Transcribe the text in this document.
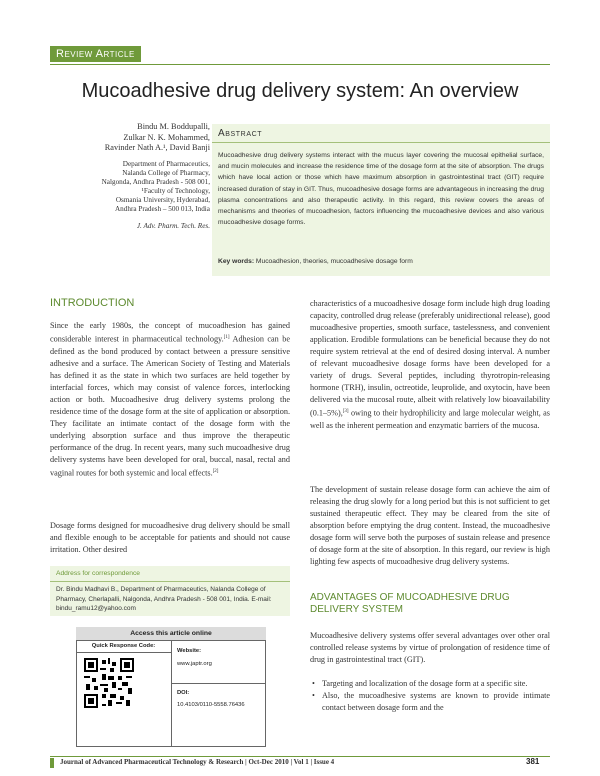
Review Article
Mucoadhesive drug delivery system: An overview
Bindu M. Boddupalli,
Zulkar N. K. Mohammed,
Ravinder Nath A.¹, David Banji
Department of Pharmaceutics,
Nalanda College of Pharmacy,
Nalgonda, Andhra Pradesh - 508 001,
¹Faculty of Technology,
Osmania University, Hyderabad,
Andhra Pradesh – 500 013, India
J. Adv. Pharm. Tech. Res.
Abstract
Mucoadhesive drug delivery systems interact with the mucus layer covering the mucosal epithelial surface, and mucin molecules and increase the residence time of the dosage form at the site of absorption. The drugs which have local action or those which have maximum absorption in gastrointestinal tract (GIT) require increased duration of stay in GIT. Thus, mucoadhesive dosage forms are advantageous in increasing the drug plasma concentrations and also therapeutic activity. In this regard, this review covers the areas of mechanisms and theories of mucoadhesion, factors influencing the mucoadhesive devices and also various mucoadhesive dosage forms.
Key words: Mucoadhesion, theories, mucoadhesive dosage form
INTRODUCTION
Since the early 1980s, the concept of mucoadhesion has gained considerable interest in pharmaceutical technology.[1] Adhesion can be defined as the bond produced by contact between a pressure sensitive adhesive and a surface. The American Society of Testing and Materials has defined it as the state in which two surfaces are held together by interfacial forces, which may consist of valence forces, interlocking action or both. Mucoadhesive drug delivery systems prolong the residence time of the dosage form at the site of application or absorption. They facilitate an intimate contact of the dosage form with the underlying absorption surface and thus improve the therapeutic performance of the drug. In recent years, many such mucoadhesive drug delivery systems have been developed for oral, buccal, nasal, rectal and vaginal routes for both systemic and local effects.[2]
Dosage forms designed for mucoadhesive drug delivery should be small and flexible enough to be acceptable for patients and should not cause irritation. Other desired
Address for correspondence
Dr. Bindu Madhavi B., Department of Pharmaceutics, Nalanda College of Pharmacy, Cherlapalli, Nalgonda, Andhra Pradesh - 508 001, India. E-mail: bindu_ramu12@yahoo.com
Access this article online
Quick Response Code:
Website:
www.japtr.org
DOI:
10.4103/0110-5558.76436
characteristics of a mucoadhesive dosage form include high drug loading capacity, controlled drug release (preferably unidirectional release), good mucoadhesive properties, smooth surface, tastelessness, and convenient application. Erodible formulations can be beneficial because they do not require system retrieval at the end of desired dosing interval. A number of relevant mucoadhesive dosage forms have been developed for a variety of drugs. Several peptides, including thyrotropin-releasing hormone (TRH), insulin, octreotide, leuprolide, and oxytocin, have been delivered via the mucosal route, albeit with relatively low bioavailability (0.1–5%),[3] owing to their hydrophilicity and large molecular weight, as well as the inherent permeation and enzymatic barriers of the mucosa.
The development of sustain release dosage form can achieve the aim of releasing the drug slowly for a long period but this is not sufficient to get sustained therapeutic effect. They may be cleared from the site of absorption before emptying the drug content. Instead, the mucoadhesive dosage form will serve both the purposes of sustain release and presence of dosage form at the site of absorption. In this regard, our review is high lighting few aspects of mucoadhesive drug delivery systems.
ADVANTAGES OF MUCOADHESIVE DRUG DELIVERY SYSTEM
Mucoadhesive delivery systems offer several advantages over other oral controlled release systems by virtue of prolongation of residence time of drug in gastrointestinal tract (GIT).
• Targeting and localization of the dosage form at a specific site.
• Also, the mucoadhesive systems are known to provide intimate contact between dosage form and the
Journal of Advanced Pharmaceutical Technology & Research | Oct-Dec 2010 | Vol 1 | Issue 4	381
